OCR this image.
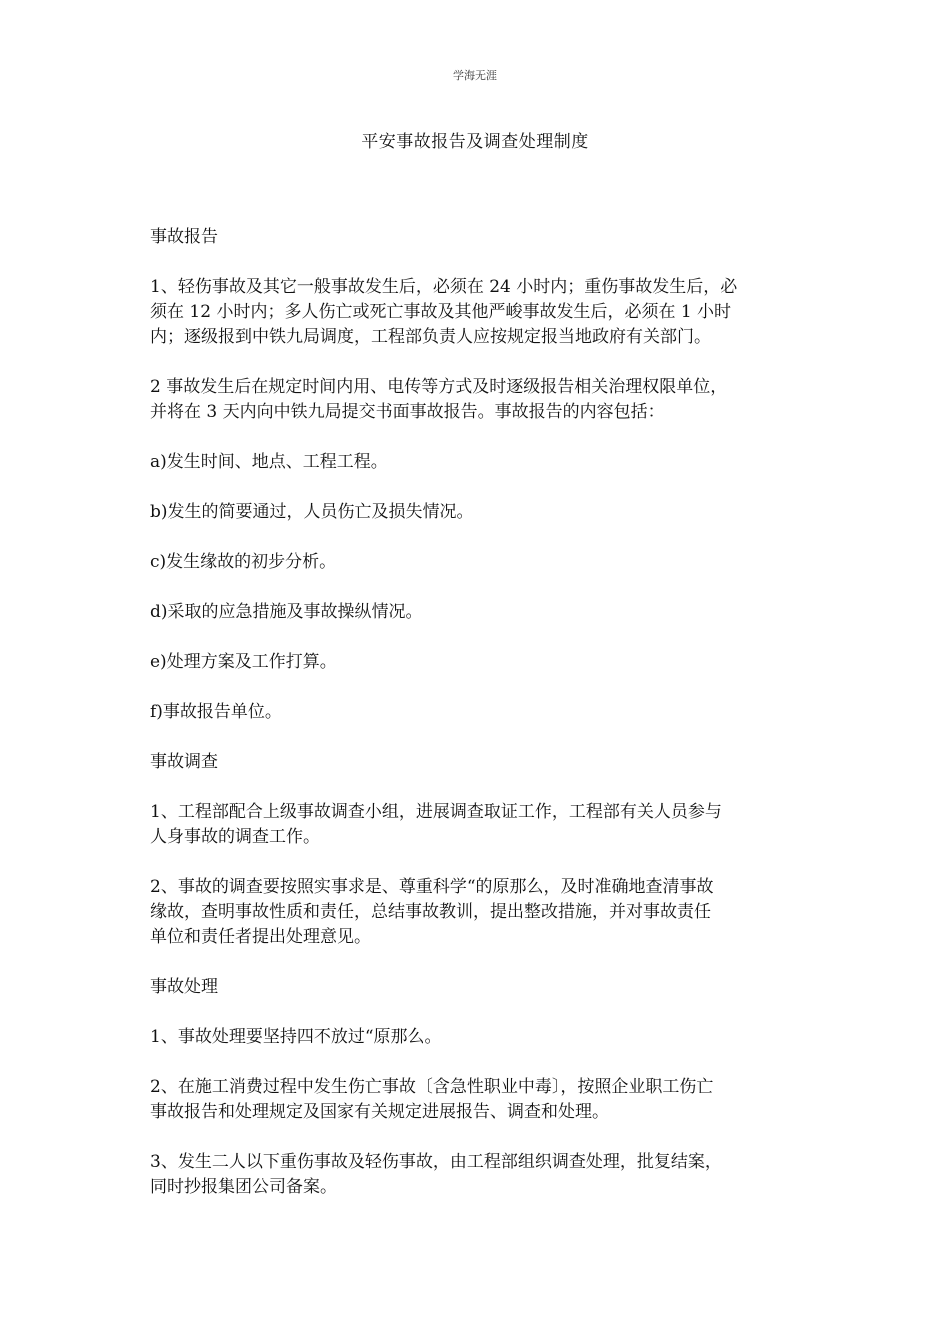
学海无涯
平安事故报告及调查处理制度

事故报告

1、轻伤事故及其它一般事故发生后，必须在 24 小时内；重伤事故发生后，必
须在 12 小时内；多人伤亡或死亡事故及其他严峻事故发生后，必须在 1 小时
内；逐级报到中铁九局调度，工程部负责人应按规定报当地政府有关部门。

2 事故发生后在规定时间内用、电传等方式及时逐级报告相关治理权限单位，
并将在 3 天内向中铁九局提交书面事故报告。事故报告的内容包括：

a)发生时间、地点、工程工程。

b)发生的简要通过，人员伤亡及损失情况。

c)发生缘故的初步分析。

d)采取的应急措施及事故操纵情况。

e)处理方案及工作打算。

f)事故报告单位。

事故调查

1、工程部配合上级事故调查小组，进展调查取证工作，工程部有关人员参与
人身事故的调查工作。

2、事故的调查要按照实事求是、尊重科学“的原那么，及时准确地查清事故
缘故，查明事故性质和责任，总结事故教训，提出整改措施，并对事故责任
单位和责任者提出处理意见。

事故处理

1、事故处理要坚持四不放过“原那么。

2、在施工消费过程中发生伤亡事故〔含急性职业中毒〕，按照企业职工伤亡
事故报告和处理规定及国家有关规定进展报告、调查和处理。

3、发生二人以下重伤事故及轻伤事故，由工程部组织调查处理，批复结案，
同时抄报集团公司备案。
